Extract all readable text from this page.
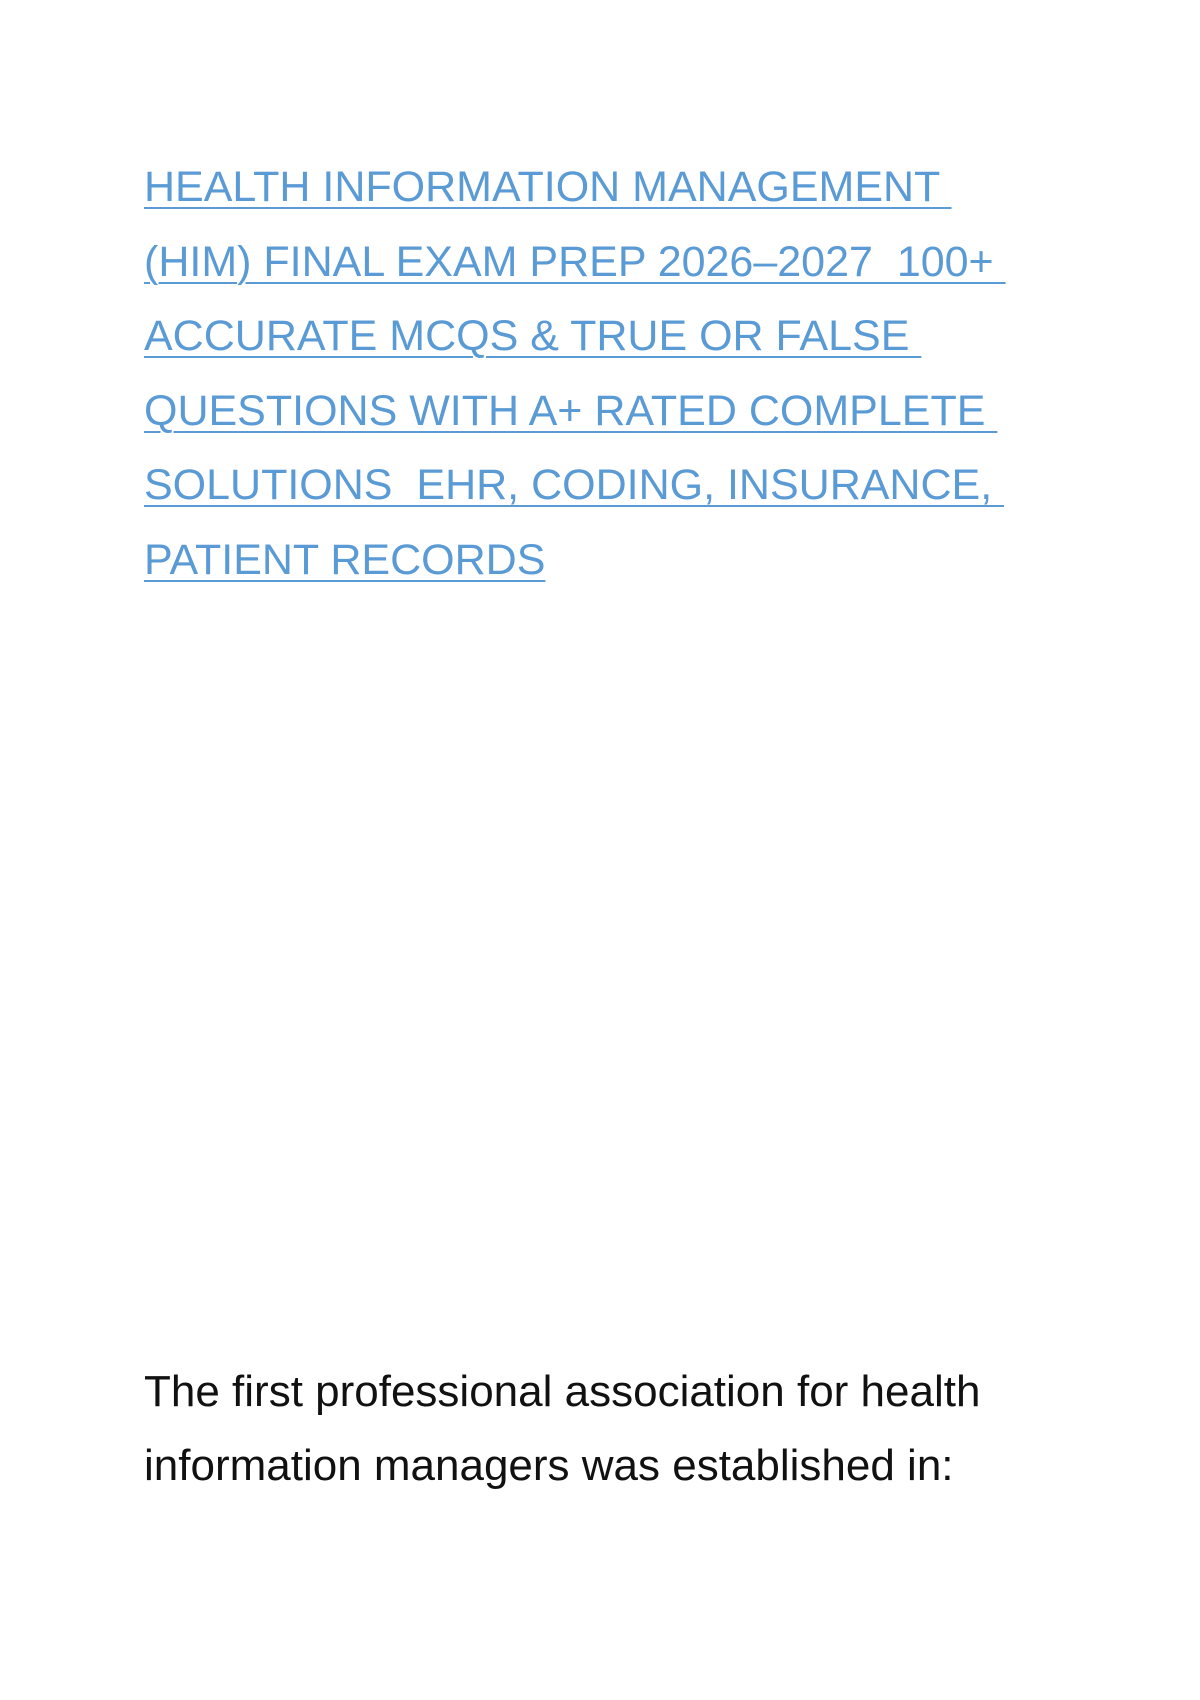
HEALTH INFORMATION MANAGEMENT
(HIM) FINAL EXAM PREP 2026–2027  100+
ACCURATE MCQS & TRUE OR FALSE
QUESTIONS WITH A+ RATED COMPLETE
SOLUTIONS  EHR, CODING, INSURANCE,
PATIENT RECORDS

The first professional association for health
information managers was established in:
